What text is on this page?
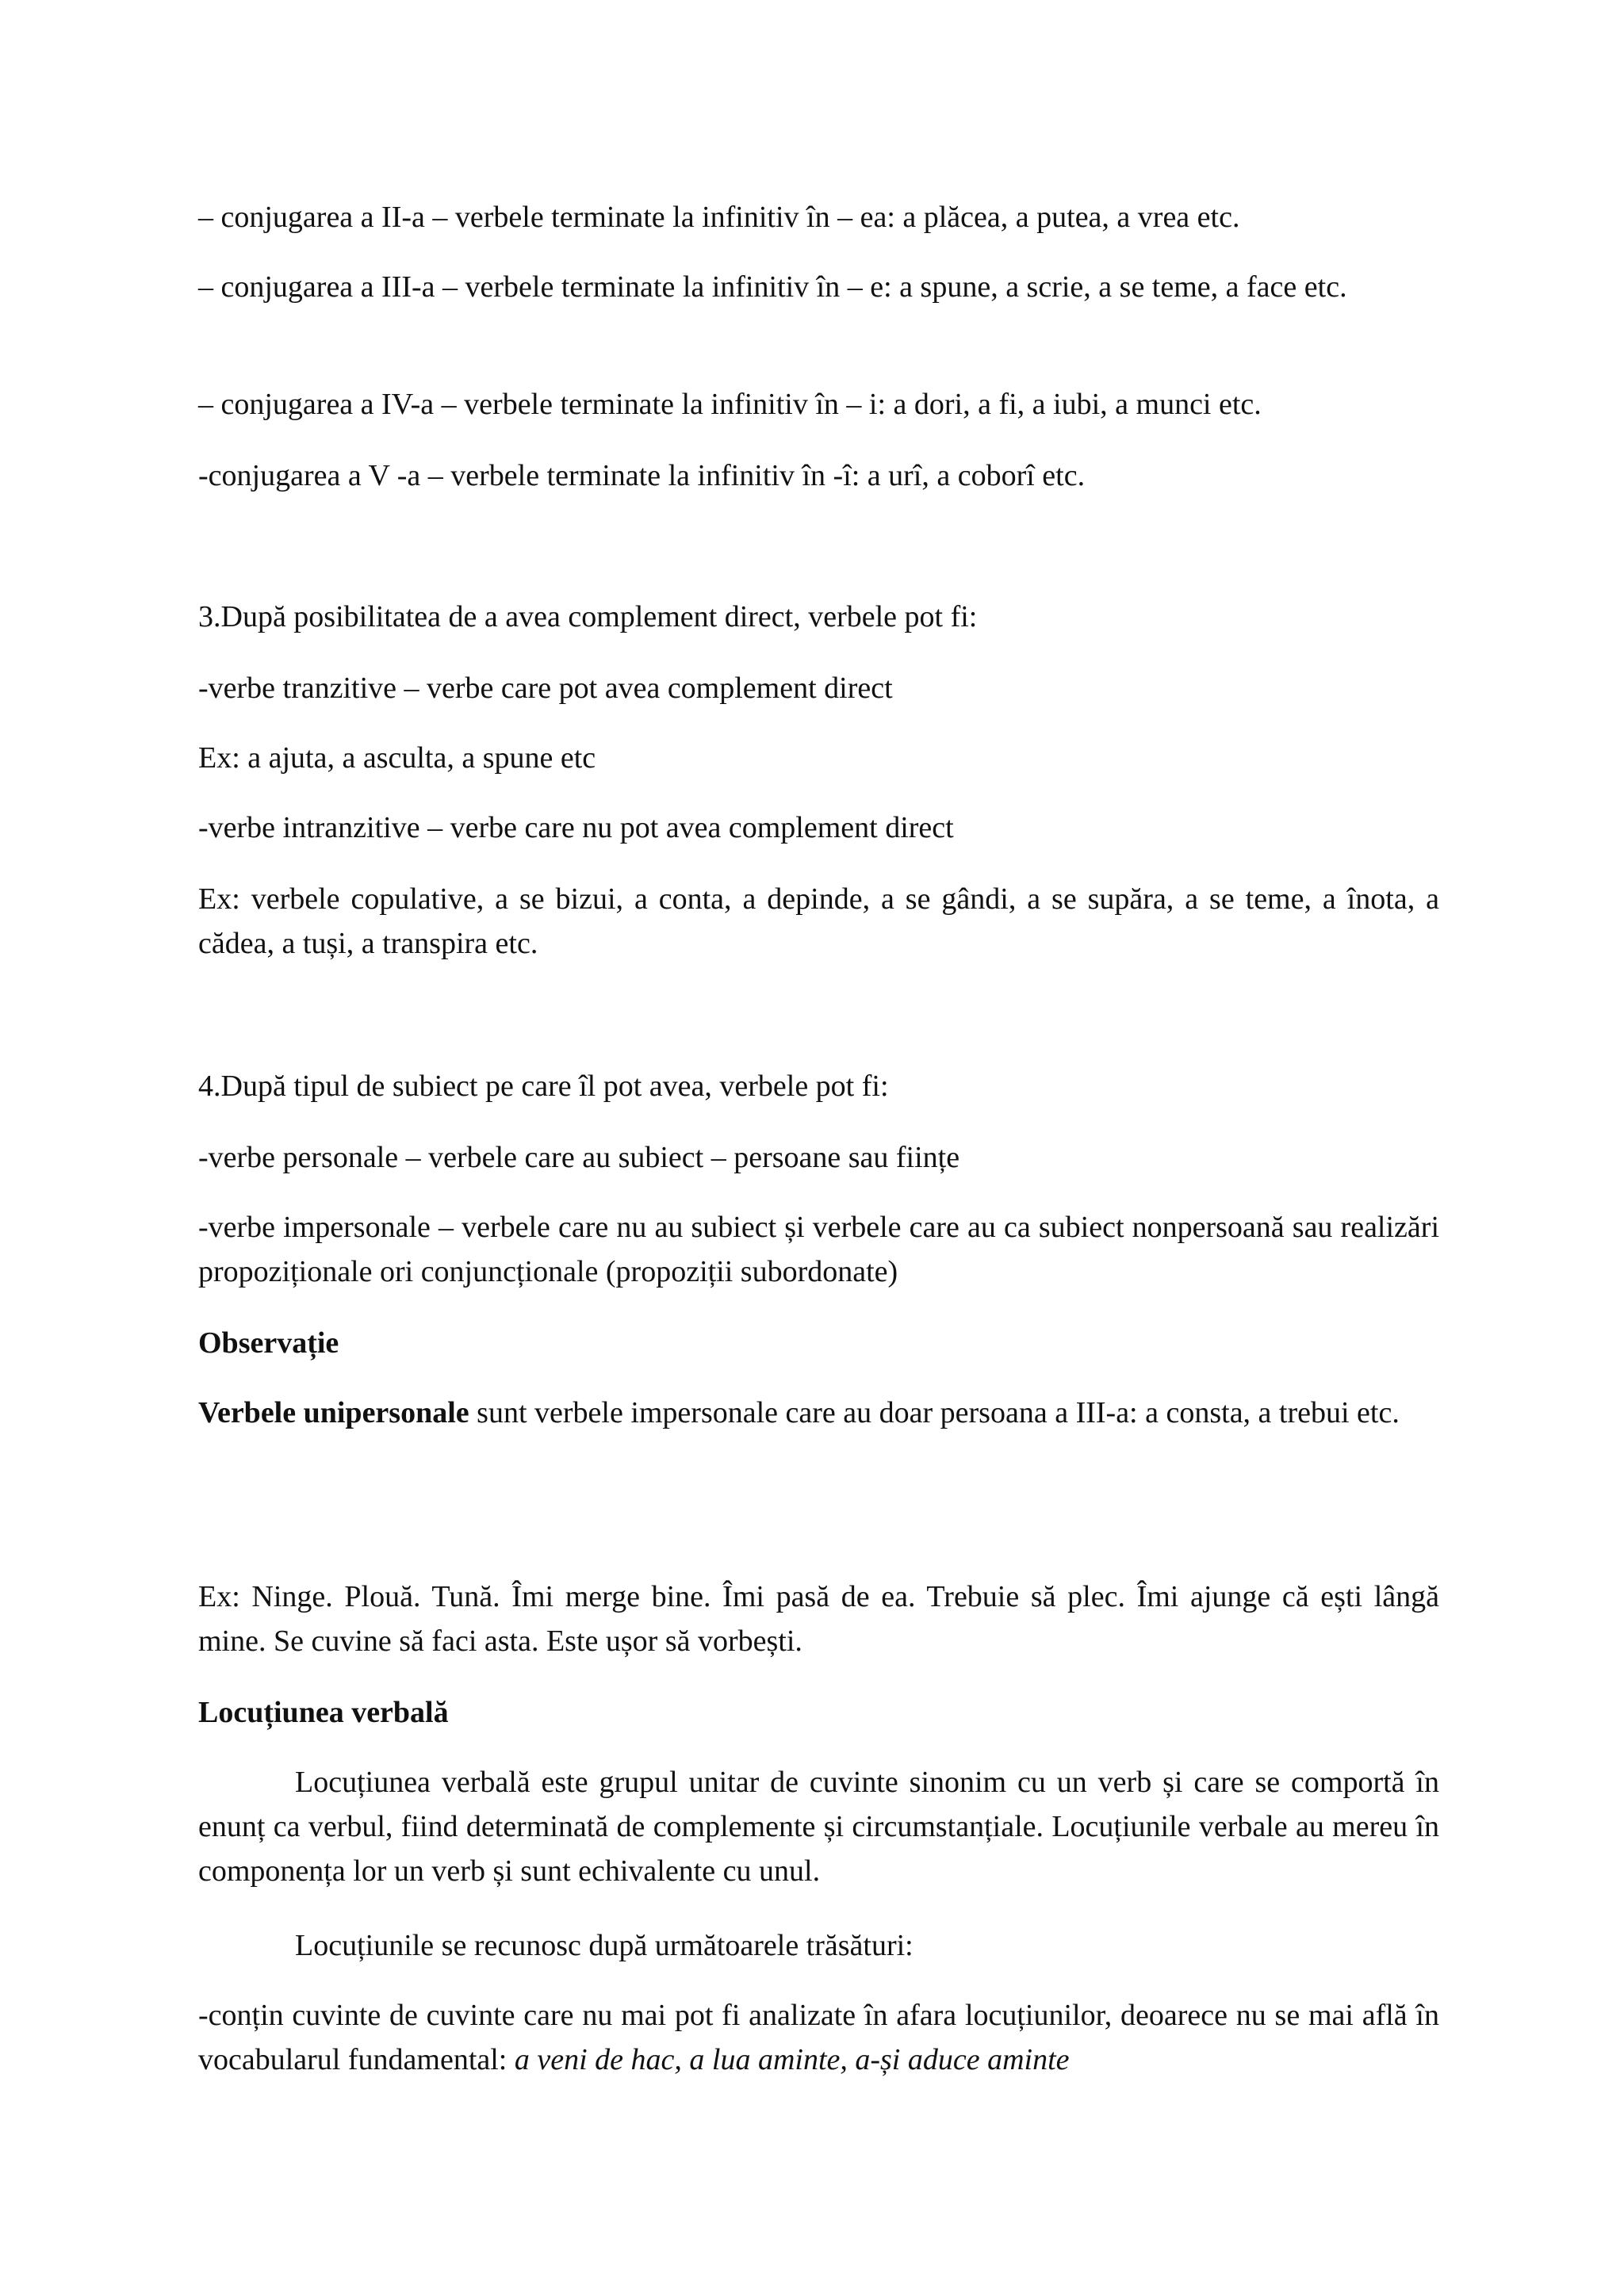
– conjugarea a II-a – verbele terminate la infinitiv în – ea: a plăcea, a putea, a vrea etc.

– conjugarea a III-a – verbele terminate la infinitiv în – e: a spune, a scrie, a se teme, a face etc.

– conjugarea a IV-a – verbele terminate la infinitiv în – i: a dori, a fi, a iubi, a munci etc.

-conjugarea a V -a – verbele terminate la infinitiv în -î: a urî, a coborî etc.

3.După posibilitatea de a avea complement direct, verbele pot fi:

-verbe tranzitive – verbe care pot avea complement direct

Ex: a ajuta, a asculta, a spune etc

-verbe intranzitive – verbe care nu pot avea complement direct

Ex: verbele copulative, a se bizui, a conta, a depinde, a se gândi, a se supăra, a se teme, a înota, a cădea, a tuși, a transpira etc.

4.După tipul de subiect pe care îl pot avea, verbele pot fi:

-verbe personale – verbele care au subiect – persoane sau ființe

-verbe impersonale – verbele care nu au subiect și verbele care au ca subiect nonpersoană sau realizări propoziționale ori conjuncționale (propoziții subordonate)

Observație

Verbele unipersonale sunt verbele impersonale care au doar persoana a III-a: a consta, a trebui etc.

Ex: Ninge. Plouă. Tună. Îmi merge bine. Îmi pasă de ea. Trebuie să plec. Îmi ajunge că ești lângă mine. Se cuvine să faci asta. Este ușor să vorbești.

Locuțiunea verbală

Locuțiunea verbală este grupul unitar de cuvinte sinonim cu un verb și care se comportă în enunț ca verbul, fiind determinată de complemente și circumstanțiale. Locuțiunile verbale au mereu în componența lor un verb și sunt echivalente cu unul.

Locuțiunile se recunosc după următoarele trăsături:

-conțin cuvinte de cuvinte care nu mai pot fi analizate în afara locuțiunilor, deoarece nu se mai află în vocabularul fundamental: a veni de hac, a lua aminte, a-și aduce aminte
